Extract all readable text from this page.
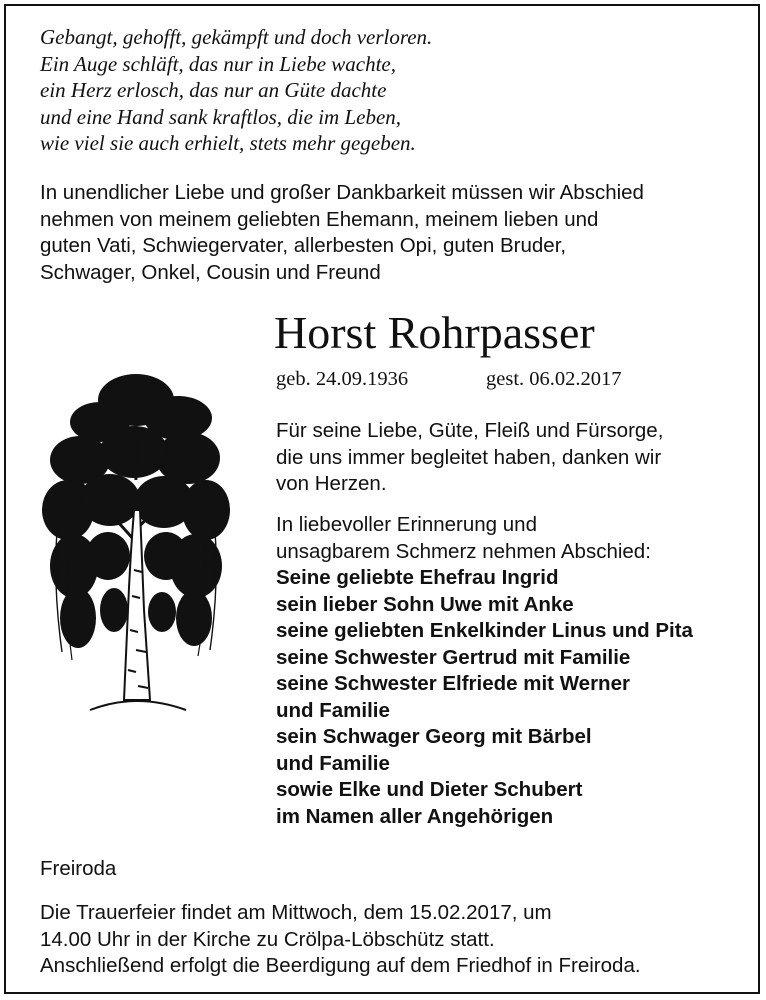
Gebangt, gehofft, gekämpft und doch verloren.
Ein Auge schläft, das nur in Liebe wachte,
ein Herz erlosch, das nur an Güte dachte
und eine Hand sank kraftlos, die im Leben,
wie viel sie auch erhielt, stets mehr gegeben.
In unendlicher Liebe und großer Dankbarkeit müssen wir Abschied
nehmen von meinem geliebten Ehemann, meinem lieben und
guten Vati, Schwiegervater, allerbesten Opi, guten Bruder,
Schwager, Onkel, Cousin und Freund
Horst Rohrpasser
geb. 24.09.1936	gest. 06.02.2017
Für seine Liebe, Güte, Fleiß und Fürsorge,
die uns immer begleitet haben, danken wir
von Herzen.
In liebevoller Erinnerung und
unsagbarem Schmerz nehmen Abschied:
Seine geliebte Ehefrau Ingrid
sein lieber Sohn Uwe mit Anke
seine geliebten Enkelkinder Linus und Pita
seine Schwester Gertrud mit Familie
seine Schwester Elfriede mit Werner
und Familie
sein Schwager Georg mit Bärbel
und Familie
sowie Elke und Dieter Schubert
im Namen aller Angehörigen
Freiroda
Die Trauerfeier findet am Mittwoch, dem 15.02.2017, um
14.00 Uhr in der Kirche zu Crölpa-Löbschütz statt.
Anschließend erfolgt die Beerdigung auf dem Friedhof in Freiroda.
